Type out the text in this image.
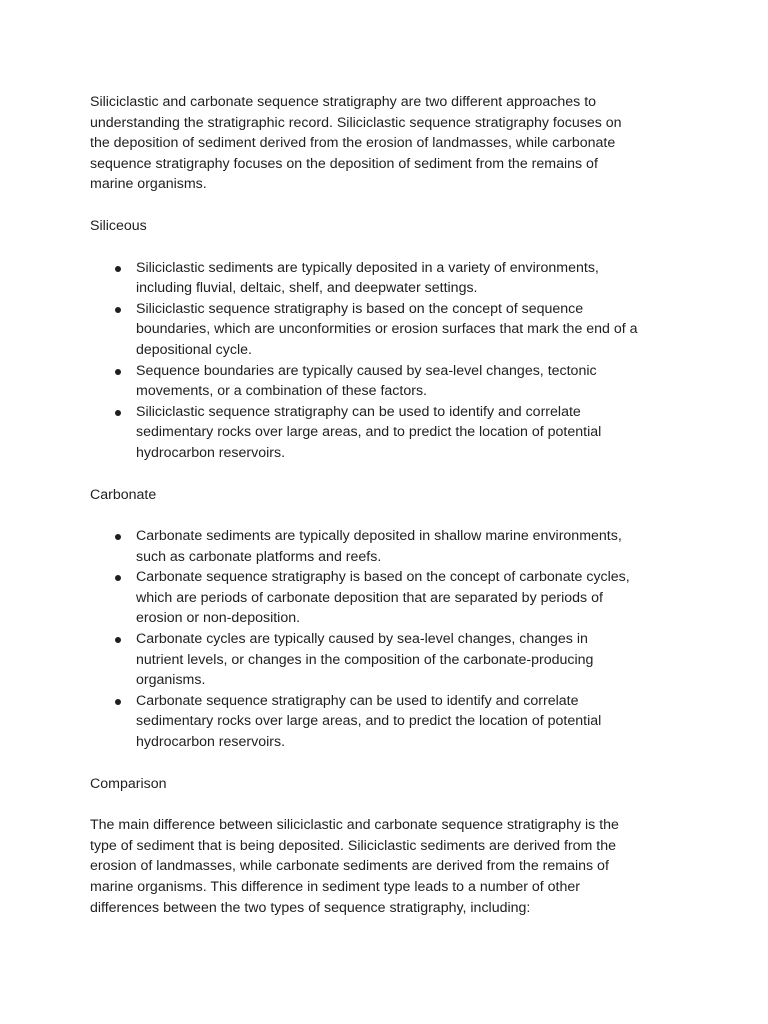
Siliciclastic and carbonate sequence stratigraphy are two different approaches to understanding the stratigraphic record. Siliciclastic sequence stratigraphy focuses on the deposition of sediment derived from the erosion of landmasses, while carbonate sequence stratigraphy focuses on the deposition of sediment from the remains of marine organisms.

Siliceous

Siliciclastic sediments are typically deposited in a variety of environments, including fluvial, deltaic, shelf, and deepwater settings.
Siliciclastic sequence stratigraphy is based on the concept of sequence boundaries, which are unconformities or erosion surfaces that mark the end of a depositional cycle.
Sequence boundaries are typically caused by sea-level changes, tectonic movements, or a combination of these factors.
Siliciclastic sequence stratigraphy can be used to identify and correlate sedimentary rocks over large areas, and to predict the location of potential hydrocarbon reservoirs.

Carbonate

Carbonate sediments are typically deposited in shallow marine environments, such as carbonate platforms and reefs.
Carbonate sequence stratigraphy is based on the concept of carbonate cycles, which are periods of carbonate deposition that are separated by periods of erosion or non-deposition.
Carbonate cycles are typically caused by sea-level changes, changes in nutrient levels, or changes in the composition of the carbonate-producing organisms.
Carbonate sequence stratigraphy can be used to identify and correlate sedimentary rocks over large areas, and to predict the location of potential hydrocarbon reservoirs.

Comparison

The main difference between siliciclastic and carbonate sequence stratigraphy is the type of sediment that is being deposited. Siliciclastic sediments are derived from the erosion of landmasses, while carbonate sediments are derived from the remains of marine organisms. This difference in sediment type leads to a number of other differences between the two types of sequence stratigraphy, including:
